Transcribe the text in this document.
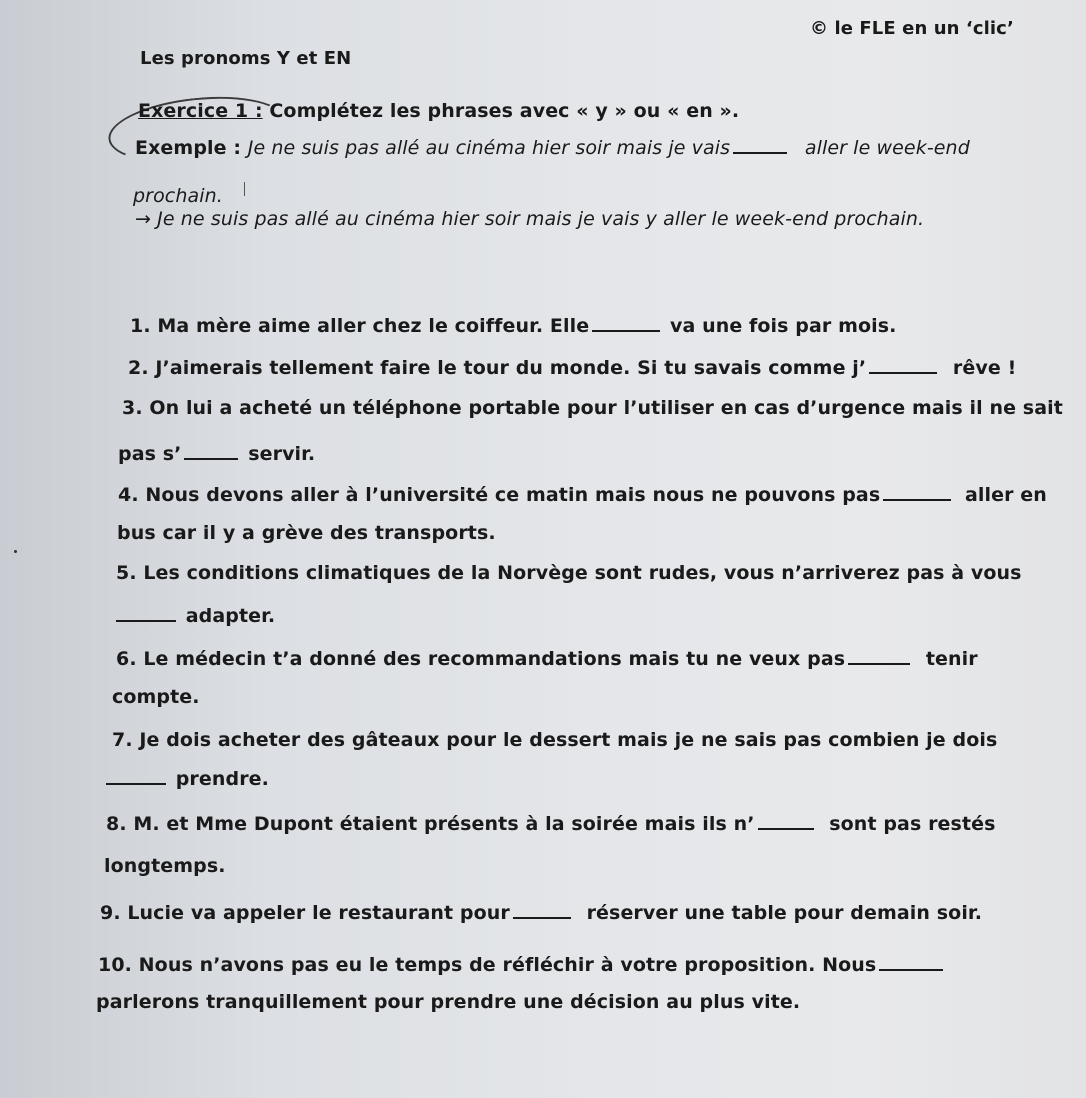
© le FLE en un ‘clic’
Les pronoms Y et EN
Exercice 1 : Complétez les phrases avec « y » ou « en ».
Exemple : Je ne suis pas allé au cinéma hier soir mais je vais	aller le week-end
prochain.
→ Je ne suis pas allé au cinéma hier soir mais je vais y aller le week-end prochain.
1. Ma mère aime aller chez le coiffeur. Elle	va une fois par mois.
2. J’aimerais tellement faire le tour du monde. Si tu savais comme j’	rêve !
3. On lui a acheté un téléphone portable pour l’utiliser en cas d’urgence mais il ne sait
pas s’	servir.
4. Nous devons aller à l’université ce matin mais nous ne pouvons pas	aller en
bus car il y a grève des transports.
5. Les conditions climatiques de la Norvège sont rudes, vous n’arriverez pas à vous
adapter.
6. Le médecin t’a donné des recommandations mais tu ne veux pas	tenir
compte.
7. Je dois acheter des gâteaux pour le dessert mais je ne sais pas combien je dois
prendre.
8. M. et Mme Dupont étaient présents à la soirée mais ils n’	sont pas restés
longtemps.
9. Lucie va appeler le restaurant pour	réserver une table pour demain soir.
10. Nous n’avons pas eu le temps de réfléchir à votre proposition. Nous
parlerons tranquillement pour prendre une décision au plus vite.
